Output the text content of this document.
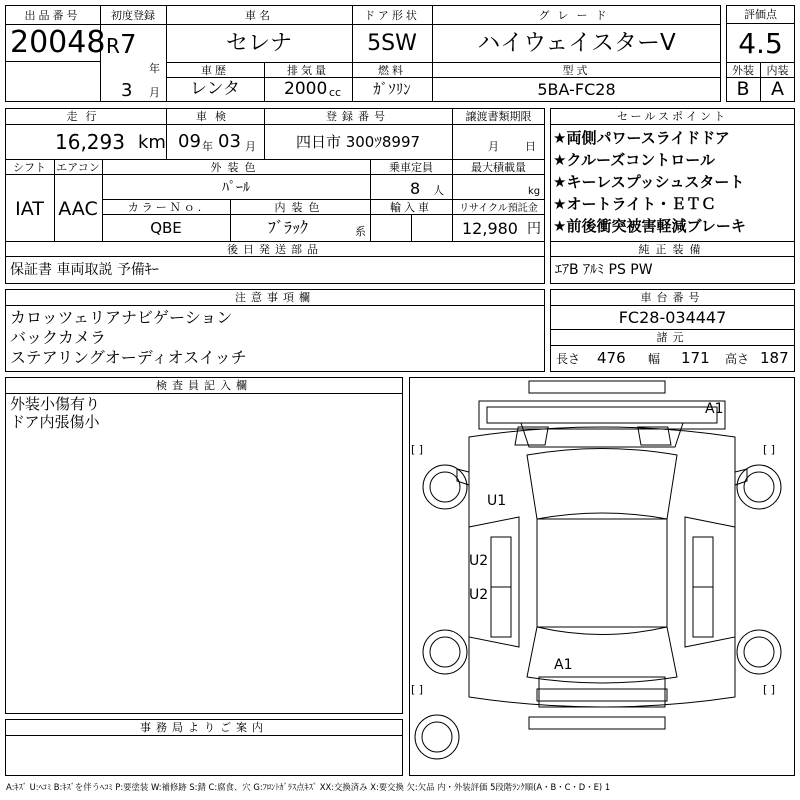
出品番号
20048
初度登録
R 7
年
3 月
車名
セレナ
ドア形状
5SW
グレード
ハイウェイスターV
評価点
4.5
外装	内装
B	A
車歴
レンタ
排気量
2000 cc
燃料
ｶﾞｿﾘﾝ
型式
5BA-FC28
走行
16,293 km
車検
09 年 03 月
登録番号
四日市 300ﾂ8997
譲渡書類期限
月 日
シフト
IAT
エアコン
AAC
外装色
ﾊﾟｰﾙ
乗車定員
8 人
最大積載量
kg
カラーＮｏ.
QBE
内装色
ﾌﾞﾗｯｸ	系
輸入車	リサイクル預託金
12,980 円
後日発送部品
保証書 車両取説 予備ｷｰ
セールスポイント
★両側パワースライドドア
★クルーズコントロール
★キーレスプッシュスタート
★オートライト・ＥＴＣ
★前後衝突被害軽減ブレーキ
純正装備
ｴｱB ｱﾙﾐ PS PW
注意事項欄
カロッツェリアナビゲーション
バックカメラ
ステアリングオーディオスイッチ
車台番号
FC28-034447
諸元
長さ 476 幅 171 高さ 187
検査員記入欄
外装小傷有り
ドア内張傷小
事務局よりご案内
A1
U1
U2
U2
A1
[ ]	[ ]
[ ]	[ ]
A:ｷｽﾞ U:ﾍｺﾐ B:ｷｽﾞを伴うﾍｺﾐ P:要塗装 W:補修跡 S:錆 C:腐食、穴 G:ﾌﾛﾝﾄｶﾞﾗｽ点ｷｽﾞ XX:交換済み X:要交換 欠:欠品 内・外装評価 5段階ﾗﾝｸ順(A・B・C・D・E) 1
